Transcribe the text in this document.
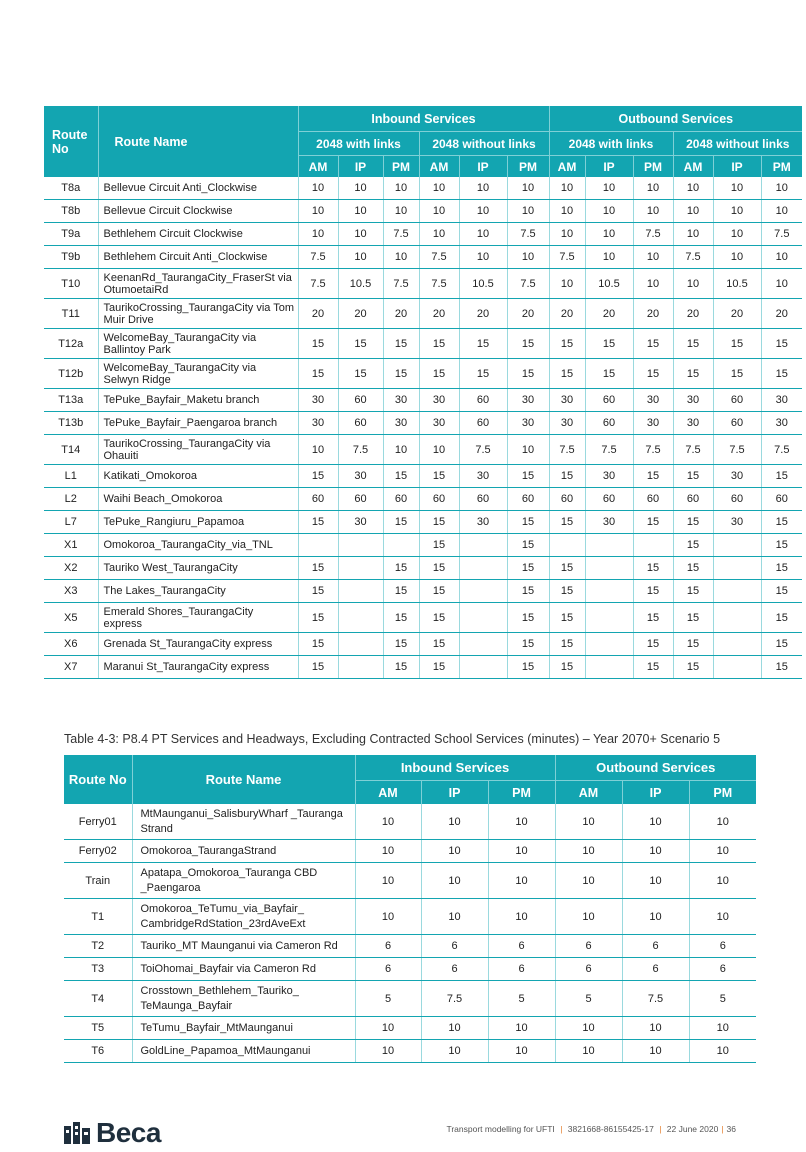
Route No	Route Name	Inbound Services						Outbound Services					
		2048 with links			2048 without links			2048 with links			2048 without links		
		AM	IP	PM	AM	IP	PM	AM	IP	PM	AM	IP	PM
T8a	Bellevue Circuit Anti_Clockwise	10	10	10	10	10	10	10	10	10	10	10	10
T8b	Bellevue Circuit Clockwise	10	10	10	10	10	10	10	10	10	10	10	10
T9a	Bethlehem Circuit Clockwise	10	10	7.5	10	10	7.5	10	10	7.5	10	10	7.5
T9b	Bethlehem Circuit Anti_Clockwise	7.5	10	10	7.5	10	10	7.5	10	10	7.5	10	10
T10	KeenanRd_TaurangaCity_FraserSt via OtumoetaiRd	7.5	10.5	7.5	7.5	10.5	7.5	10	10.5	10	10	10.5	10
T11	TaurikoCrossing_TaurangaCity via Tom Muir Drive	20	20	20	20	20	20	20	20	20	20	20	20
T12a	WelcomeBay_TaurangaCity via Ballintoy Park	15	15	15	15	15	15	15	15	15	15	15	15
T12b	WelcomeBay_TaurangaCity via Selwyn Ridge	15	15	15	15	15	15	15	15	15	15	15	15
T13a	TePuke_Bayfair_Maketu branch	30	60	30	30	60	30	30	60	30	30	60	30
T13b	TePuke_Bayfair_Paengaroa branch	30	60	30	30	60	30	30	60	30	30	60	30
T14	TaurikoCrossing_TaurangaCity via Ohauiti	10	7.5	10	10	7.5	10	7.5	7.5	7.5	7.5	7.5	7.5
L1	Katikati_Omokoroa	15	30	15	15	30	15	15	30	15	15	30	15
L2	Waihi Beach_Omokoroa	60	60	60	60	60	60	60	60	60	60	60	60
L7	TePuke_Rangiuru_Papamoa	15	30	15	15	30	15	15	30	15	15	30	15
X1	Omokoroa_TaurangaCity_via_TNL				15		15				15		15
X2	Tauriko West_TaurangaCity	15		15	15		15	15		15	15		15
X3	The Lakes_TaurangaCity	15		15	15		15	15		15	15		15
X5	Emerald Shores_TaurangaCity express	15		15	15		15	15		15	15		15
X6	Grenada St_TaurangaCity express	15		15	15		15	15		15	15		15
X7	Maranui St_TaurangaCity express	15		15	15		15	15		15	15		15
Table 4-3: P8.4 PT Services and Headways, Excluding Contracted School Services (minutes) – Year 2070+ Scenario 5
Route No	Route Name	Inbound Services			Outbound Services		
		AM	IP	PM	AM	IP	PM
Ferry01	MtMaunganui_SalisburyWharf _Tauranga Strand	10	10	10	10	10	10
Ferry02	Omokoroa_TaurangaStrand	10	10	10	10	10	10
Train	Apatapa_Omokoroa_Tauranga CBD _Paengaroa	10	10	10	10	10	10
T1	Omokoroa_TeTumu_via_Bayfair_ CambridgeRdStation_23rdAveExt	10	10	10	10	10	10
T2	Tauriko_MT Maunganui via Cameron Rd	6	6	6	6	6	6
T3	ToiOhomai_Bayfair via Cameron Rd	6	6	6	6	6	6
T4	Crosstown_Bethlehem_Tauriko_ TeMaunga_Bayfair	5	7.5	5	5	7.5	5
T5	TeTumu_Bayfair_MtMaunganui	10	10	10	10	10	10
T6	GoldLine_Papamoa_MtMaunganui	10	10	10	10	10	10
Beca	Transport modelling for UFTI | 3821668-86155425-17 | 22 June 2020 | 36
